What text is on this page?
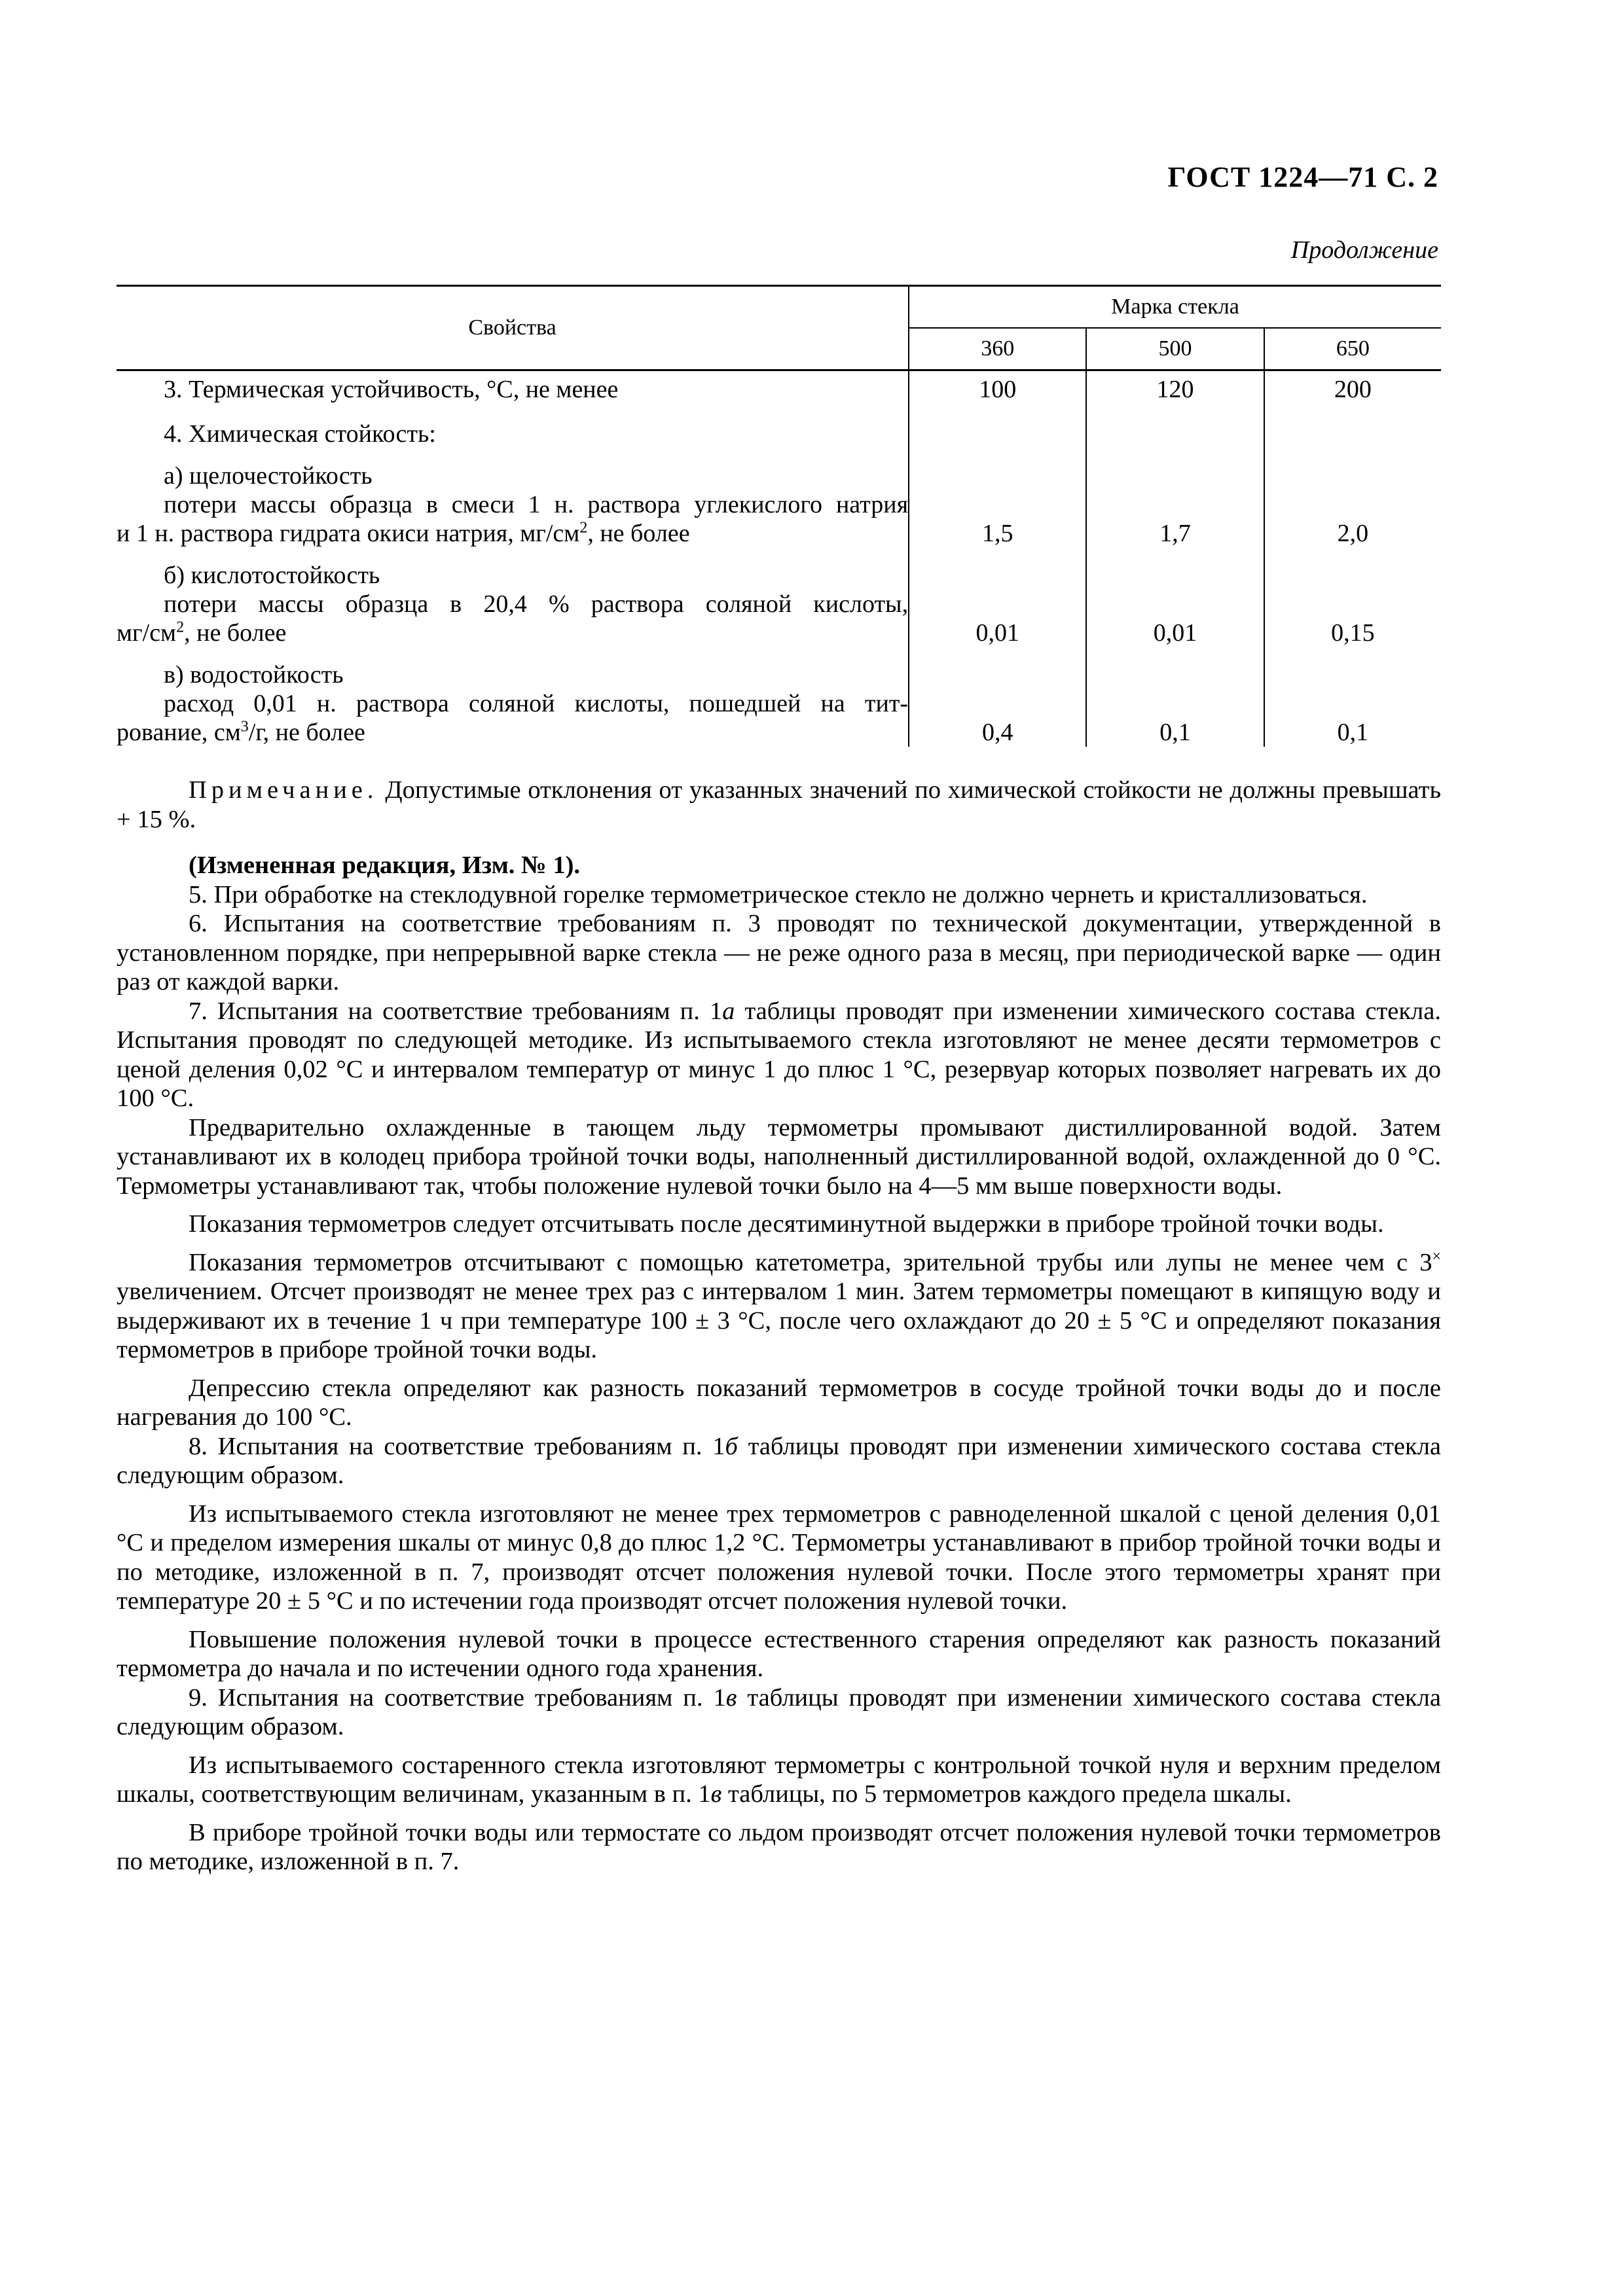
ГОСТ 1224—71 С. 2
Продолжение
Свойства	Марка стекла		
	360	500	650
3. Термическая устойчивость, °С, не менее	100	120	200

4. Химическая стойкость:			

а) щелочестойкость
потери массы образца в смеси 1 н. раствора углекислого натрия
и 1 н. раствора гидрата окиси натрия, $мг/см^2$, не более	1,5	1,7	2,0

б) кислотостойкость
потери массы образца в 20,4 % раствора соляной кислоты,
$мг/см^2$, не более	0,01	0,01	0,15

в) водостойкость
расход 0,01 н. раствора соляной кислоты, пошедшей на тит-
рование, $см^3/г$, не более	0,4	0,1	0,1

Примечание. Допустимые отклонения от указанных значений по химической стойкости не должны превышать + 15 %.

(Измененная редакция, Изм. № 1).

5. При обработке на стеклодувной горелке термометрическое стекло не должно чернеть и кристаллизоваться.

6. Испытания на соответствие требованиям п. 3 проводят по технической документации, утвержденной в установленном порядке, при непрерывной варке стекла — не реже одного раза в месяц, при периодической варке — один раз от каждой варки.

7. Испытания на соответствие требованиям п. 1а таблицы проводят при изменении химического состава стекла. Испытания проводят по следующей методике. Из испытываемого стекла изготовляют не менее десяти термометров с ценой деления 0,02 °С и интервалом температур от минус 1 до плюс 1 °С, резервуар которых позволяет нагревать их до 100 °С.

Предварительно охлажденные в тающем льду термометры промывают дистиллированной водой. Затем устанавливают их в колодец прибора тройной точки воды, наполненный дистиллированной водой, охлажденной до 0 °С. Термометры устанавливают так, чтобы положение нулевой точки было на 4—5 мм выше поверхности воды.

Показания термометров следует отсчитывать после десятиминутной выдержки в приборе тройной точки воды.

Показания термометров отсчитывают с помощью катетометра, зрительной трубы или лупы не менее чем с 3× увеличением. Отсчет производят не менее трех раз с интервалом 1 мин. Затем термометры помещают в кипящую воду и выдерживают их в течение 1 ч при температуре 100 ± 3 °С, после чего охлаждают до 20 ± 5 °С и определяют показания термометров в приборе тройной точки воды.

Депрессию стекла определяют как разность показаний термометров в сосуде тройной точки воды до и после нагревания до 100 °С.

8. Испытания на соответствие требованиям п. 1б таблицы проводят при изменении химического состава стекла следующим образом.

Из испытываемого стекла изготовляют не менее трех термометров с равноделенной шкалой с ценой деления 0,01 °С и пределом измерения шкалы от минус 0,8 до плюс 1,2 °С. Термометры устанавливают в прибор тройной точки воды и по методике, изложенной в п. 7, производят отсчет положения нулевой точки. После этого термометры хранят при температуре 20 ± 5 °С и по истечении года производят отсчет положения нулевой точки.

Повышение положения нулевой точки в процессе естественного старения определяют как разность показаний термометра до начала и по истечении одного года хранения.

9. Испытания на соответствие требованиям п. 1в таблицы проводят при изменении химического состава стекла следующим образом.

Из испытываемого состаренного стекла изготовляют термометры с контрольной точкой нуля и верхним пределом шкалы, соответствующим величинам, указанным в п. 1в таблицы, по 5 термометров каждого предела шкалы.

В приборе тройной точки воды или термостате со льдом производят отсчет положения нулевой точки термометров по методике, изложенной в п. 7.
